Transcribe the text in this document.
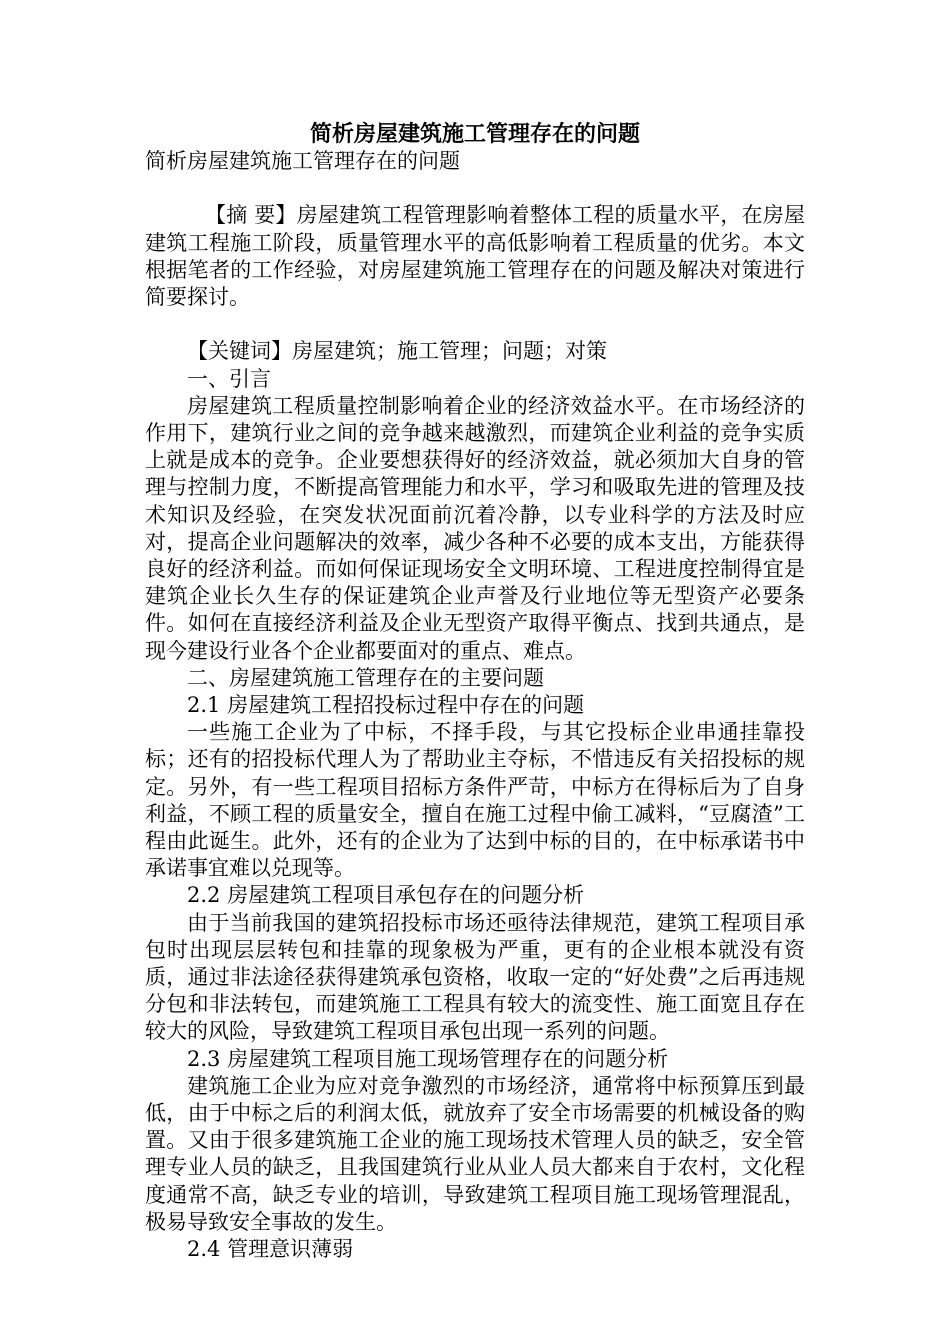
简析房屋建筑施工管理存在的问题

简析房屋建筑施工管理存在的问题

【摘 要】房屋建筑工程管理影响着整体工程的质量水平，在房屋建筑工程施工阶段，质量管理水平的高低影响着工程质量的优劣。本文根据笔者的工作经验，对房屋建筑施工管理存在的问题及解决对策进行简要探讨。

【关键词】房屋建筑；施工管理；问题；对策

一、引言

房屋建筑工程质量控制影响着企业的经济效益水平。在市场经济的作用下，建筑行业之间的竞争越来越激烈，而建筑企业利益的竞争实质上就是成本的竞争。企业要想获得好的经济效益，就必须加大自身的管理与控制力度，不断提高管理能力和水平，学习和吸取先进的管理及技术知识及经验，在突发状况面前沉着冷静，以专业科学的方法及时应对，提高企业问题解决的效率，减少各种不必要的成本支出，方能获得良好的经济利益。而如何保证现场安全文明环境、工程进度控制得宜是建筑企业长久生存的保证建筑企业声誉及行业地位等无型资产必要条件。如何在直接经济利益及企业无型资产取得平衡点、找到共通点，是现今建设行业各个企业都要面对的重点、难点。

二、房屋建筑施工管理存在的主要问题

2.1 房屋建筑工程招投标过程中存在的问题

一些施工企业为了中标，不择手段，与其它投标企业串通挂靠投标；还有的招投标代理人为了帮助业主夺标，不惜违反有关招投标的规定。另外，有一些工程项目招标方条件严苛，中标方在得标后为了自身利益，不顾工程的质量安全，擅自在施工过程中偷工减料，“豆腐渣”工程由此诞生。此外，还有的企业为了达到中标的目的，在中标承诺书中承诺事宜难以兑现等。

2.2 房屋建筑工程项目承包存在的问题分析

由于当前我国的建筑招投标市场还亟待法律规范，建筑工程项目承包时出现层层转包和挂靠的现象极为严重，更有的企业根本就没有资质，通过非法途径获得建筑承包资格，收取一定的“好处费”之后再违规分包和非法转包，而建筑施工工程具有较大的流变性、施工面宽且存在较大的风险，导致建筑工程项目承包出现一系列的问题。

2.3 房屋建筑工程项目施工现场管理存在的问题分析

建筑施工企业为应对竞争激烈的市场经济，通常将中标预算压到最低，由于中标之后的利润太低，就放弃了安全市场需要的机械设备的购置。又由于很多建筑施工企业的施工现场技术管理人员的缺乏，安全管理专业人员的缺乏，且我国建筑行业从业人员大都来自于农村，文化程度通常不高，缺乏专业的培训，导致建筑工程项目施工现场管理混乱，极易导致安全事故的发生。

2.4 管理意识薄弱
